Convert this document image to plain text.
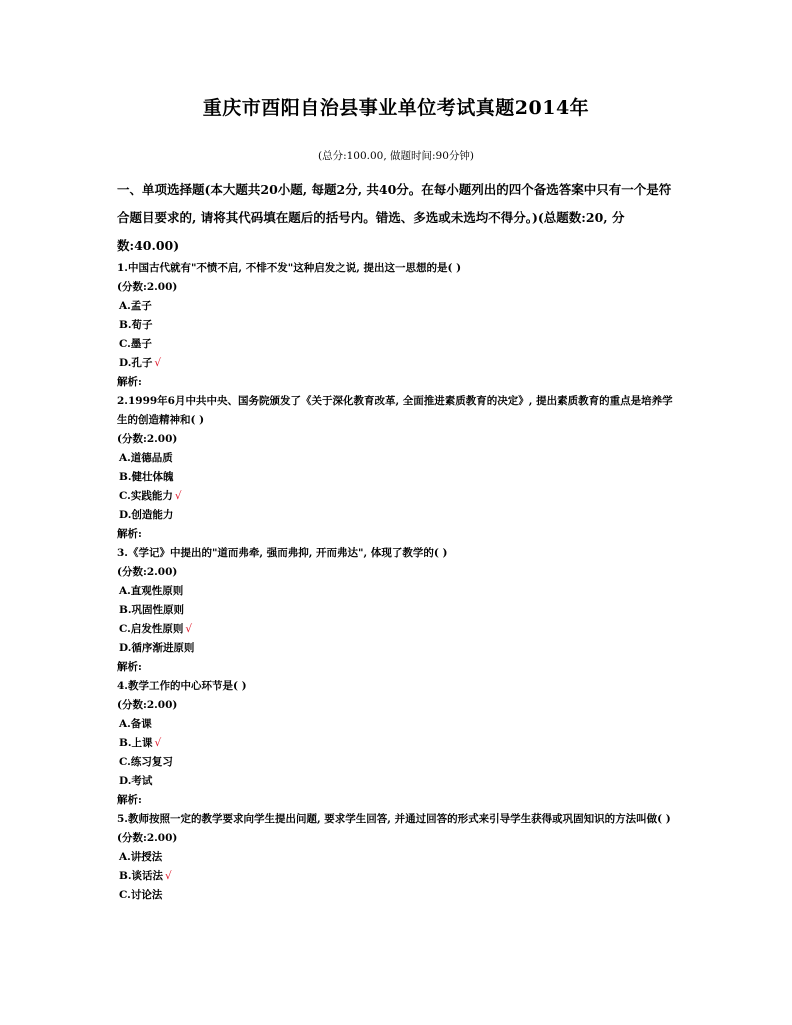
重庆市酉阳自治县事业单位考试真题2014年
(总分:100.00, 做题时间:90分钟)

一、单项选择题(本大题共20小题, 每题2分, 共40分。在每小题列出的四个备选答案中只有一个是符合题目要求的, 请将其代码填在题后的括号内。错选、多选或未选均不得分。)(总题数:20, 分数:40.00)

1.中国古代就有"不愤不启, 不悱不发"这种启发之说, 提出这一思想的是( )
(分数:2.00)
A.孟子
B.荀子
C.墨子
D.孔子 √
解析:
2.1999年6月中共中央、国务院颁发了《关于深化教育改革, 全面推进素质教育的决定》, 提出素质教育的重点是培养学生的创造精神和( )
(分数:2.00)
A.道德品质
B.健壮体魄
C.实践能力 √
D.创造能力
解析:
3.《学记》中提出的"道而弗牵, 强而弗抑, 开而弗达", 体现了教学的( )
(分数:2.00)
A.直观性原则
B.巩固性原则
C.启发性原则 √
D.循序渐进原则
解析:
4.教学工作的中心环节是( )
(分数:2.00)
A.备课
B.上课 √
C.练习复习
D.考试
解析:
5.教师按照一定的教学要求向学生提出问题, 要求学生回答, 并通过回答的形式来引导学生获得或巩固知识的方法叫做( )
(分数:2.00)
A.讲授法
B.谈话法 √
C.讨论法
